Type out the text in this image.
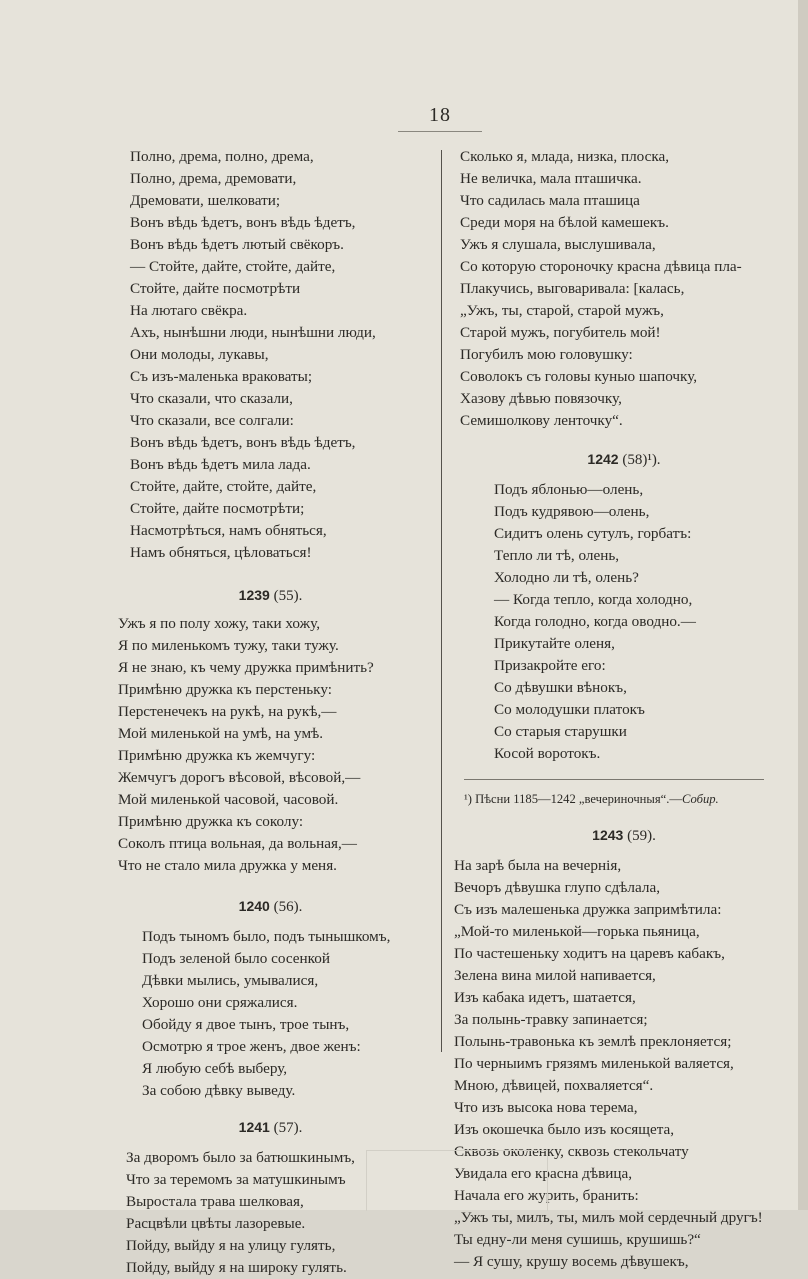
18
Полно, дрема, полно, дрема,
Полно, дрема, дремовати,
Дремовати, шелковати;
Вонъ вѣдь ѣдетъ, вонъ вѣдь ѣдетъ,
Вонъ вѣдь ѣдетъ лютый свёкоръ.
— Стойте, дайте, стойте, дайте,
Стойте, дайте посмотрѣти
На лютаго свёкра.
Ахъ, нынѣшни люди, нынѣшни люди,
Они молоды, лукавы,
Съ изъ-маленька враковаты;
Что сказали, что сказали,
Что сказали, все солгали:
Вонъ вѣдь ѣдетъ, вонъ вѣдь ѣдетъ,
Вонъ вѣдь ѣдетъ мила лада.
Стойте, дайте, стойте, дайте,
Стойте, дайте посмотрѣти;
Насмотрѣться, намъ обняться,
Намъ обняться, цѣловаться!
1239 (55).
Ужъ я по полу хожу, таки хожу,
Я по миленькомъ тужу, таки тужу.
Я не знаю, къ чему дружка примѣнить?
Примѣню дружка къ перстеньку:
Перстенечекъ на рукѣ, на рукѣ,—
Мой миленькой на умѣ, на умѣ.
Примѣню дружка къ жемчугу:
Жемчугъ дорогъ вѣсовой, вѣсовой,—
Мой миленькой часовой, часовой.
Примѣню дружка къ соколу:
Соколъ птица вольная, да вольная,—
Что не стало мила дружка у меня.
1240 (56).
Подъ тыномъ было, подъ тынышкомъ,
Подъ зеленой было сосенкой
Дѣвки мылись, умывалися,
Хорошо они сряжалися.
Обойду я двое тынъ, трое тынъ,
Осмотрю я трое женъ, двое женъ:
Я любую себѣ выберу,
За собою дѣвку выведу.
1241 (57).
За дворомъ было за батюшкинымъ,
Что за теремомъ за матушкинымъ
Выростала трава шелковая,
Расцвѣли цвѣты лазоревые.
Пойду, выйду я на улицу гулять,
Пойду, выйду я на широку гулять.
Сколько я, млада, низка, плоска,
Не величка, мала пташичка.
Что садилась мала пташица
Среди моря на бѣлой камешекъ.
Ужъ я слушала, выслушивала,
Со которую стороночку красна дѣвица пла-
Плакучись, выговаривала: [калась,
„Ужъ, ты, старой, старой мужъ,
Старой мужъ, погубитель мой!
Погубилъ мою головушку:
Соволокъ съ головы куныо шапочку,
Хазову дѣвью повязочку,
Семишолкову ленточку“.
1242 (58)¹).
Подъ яблонью—олень,
Подъ кудрявою—олень,
Сидитъ олень сутулъ, горбатъ:
Тепло ли тѣ, олень,
Холодно ли тѣ, олень?
— Когда тепло, когда холодно,
Когда голодно, когда оводно.—
Прикутайте оленя,
Призакройте его:
Со дѣвушки вѣнокъ,
Со молодушки платокъ
Со старыя старушки
Косой воротокъ.
¹) Пѣсни 1185—1242 „вечериночныя“.—Собир.
1243 (59).
На зарѣ была на вечернія,
Вечоръ дѣвушка глупо сдѣлала,
Съ изъ малешенька дружка запримѣтила:
„Мой-то миленькой—горька пьяница,
По частешеньку ходитъ на царевъ кабакъ,
Зелена вина милой напивается,
Изъ кабака идетъ, шатается,
За полынь-травку запинается;
Полынь-травонька къ землѣ преклоняется;
По черныимъ грязямъ миленькой валяется,
Мною, дѣвицей, похваляется“.
Что изъ высока нова терема,
Изъ окошечка было изъ косящета,
Сквозь околенку, сквозь стекольчату
Увидала его красна дѣвица,
Начала его журить, бранить:
„Ужъ ты, милъ, ты, милъ мой сердечный другъ!
Ты едну-ли меня сушишь, крушишь?“
— Я сушу, крушу восемь дѣвушекъ,
